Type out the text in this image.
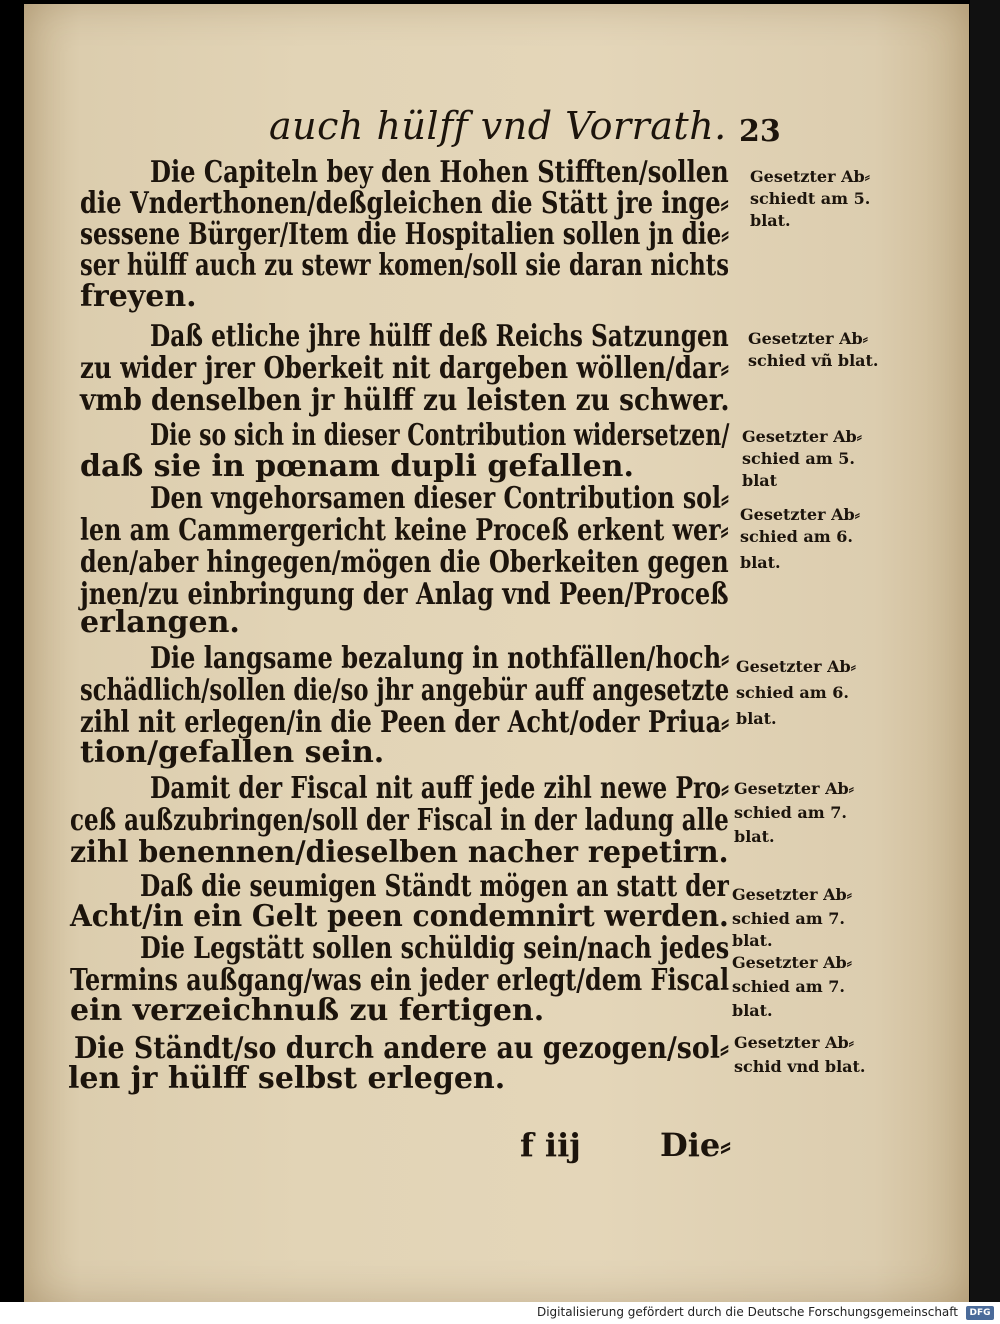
auch hülff vnd Vorrath. 23
Die Capiteln bey den Hohen Stifften/sollen
die Vnderthonen/deßgleichen die Stätt jre inge⸗
sessene Bürger/Item die Hospitalien sollen jn die⸗
ser hülff auch zu stewr komen/soll sie daran nichts
freyen.
Daß etliche jhre hülff deß Reichs Satzungen
zu wider jrer Oberkeit nit dargeben wöllen/dar⸗
vmb denselben jr hülff zu leisten zu schwer.
Die so sich in dieser Contribution widersetzen/
daß sie in pœnam dupli gefallen.
Den vngehorsamen dieser Contribution sol⸗
len am Cammergericht keine Proceß erkent wer⸗
den/aber hingegen/mögen die Oberkeiten gegen
jnen/zu einbringung der Anlag vnd Peen/Proceß
erlangen.
Die langsame bezalung in nothfällen/hoch⸗
schädlich/sollen die/so jhr angebür auff angesetzte
zihl nit erlegen/in die Peen der Acht/oder Priua⸗
tion/gefallen sein.
Damit der Fiscal nit auff jede zihl newe Pro⸗
ceß außzubringen/soll der Fiscal in der ladung alle
zihl benennen/dieselben nacher repetirn.
Daß die seumigen Ständt mögen an statt der
Acht/in ein Gelt peen condemnirt werden.
Die Legstätt sollen schüldig sein/nach jedes
Termins außgang/was ein jeder erlegt/dem Fiscal
ein verzeichnuß zu fertigen.
Die Ständt/so durch andere au gezogen/sol⸗
len jr hülff selbst erlegen.
Gesetzter Ab⸗
schiedt am 5.
blat.
Gesetzter Ab⸗
schied vñ blat.
Gesetzter Ab⸗
schied am 5.
blat
Gesetzter Ab⸗
schied am 6.
blat.
Gesetzter Ab⸗
schied am 6.
blat.
Gesetzter Ab⸗
schied am 7.
blat.
Gesetzter Ab⸗
schied am 7.
blat.
Gesetzter Ab⸗
schied am 7.
blat.
Gesetzter Ab⸗
schid vnd blat.
f iij Die⸗
Digitalisierung gefördert durch die Deutsche Forschungsgemeinschaft	DFG
